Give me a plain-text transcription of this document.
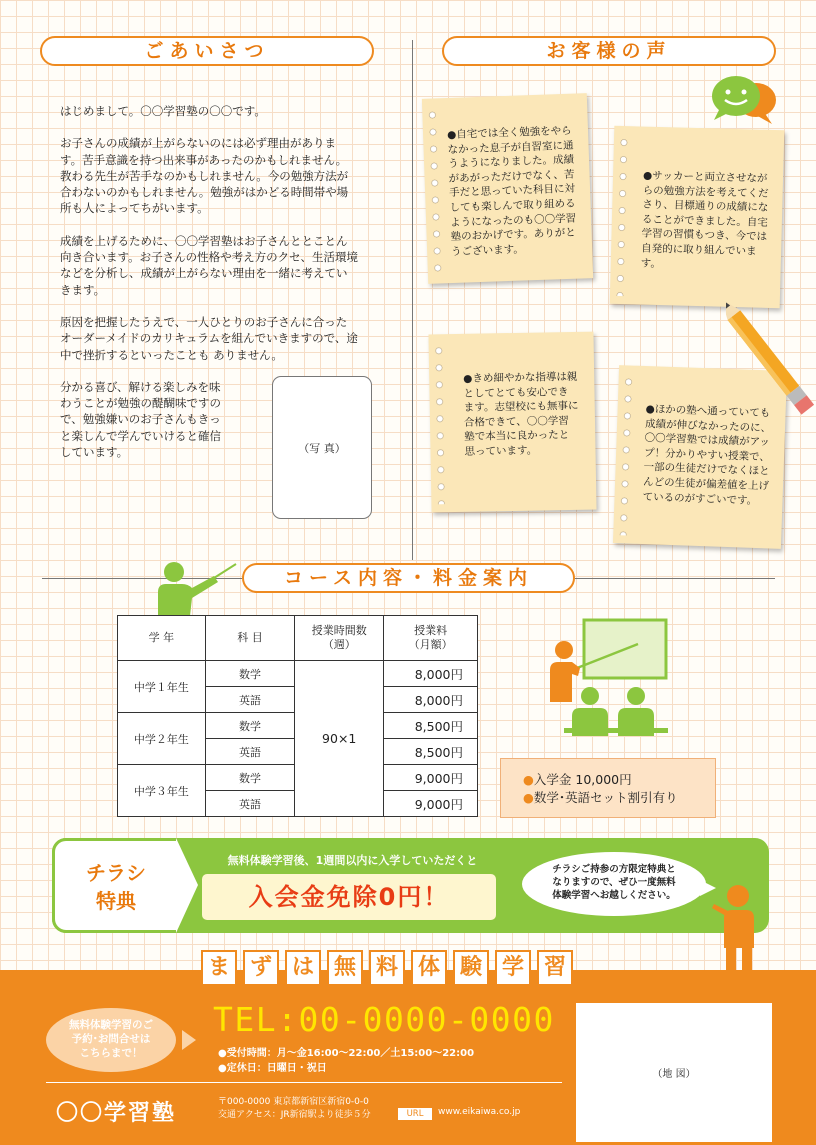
ごあいさつ

はじめまして。〇〇学習塾の〇〇です。

お子さんの成績が上がらないのには必ず理由があります。苦手意識を持つ出来事があったのかもしれません。教わる先生が苦手なのかもしれません。今の勉強方法が合わないのかもしれません。勉強がはかどる時間帯や場所も人によってちがいます。

成績を上げるために、〇〇学習塾はお子さんととことん向き合います。お子さんの性格や考え方のクセ、生活環境などを分析し、成績が上がらない理由を一緒に考えていきます。

原因を把握したうえで、一人ひとりのお子さんに合ったオーダーメイドのカリキュラムを組んでいきますので、途中で挫折するといったことも ありません。

分かる喜び、解ける楽しみを味わうことが勉強の醍醐味ですので、勉強嫌いのお子さんもきっと楽しんで学んでいけると確信しています。	（写 真）
お客様の声
●自宅では全く勉強をやらなかった息子が自習室に通うようになりました。成績があがっただけでなく、苦手だと思っていた科目に対しても楽しんで取り組めるようになったのも〇〇学習塾のおかげです。ありがとうございます。
●サッカーと両立させながらの勉強方法を考えてくださり、目標通りの成績になることができました。自宅学習の習慣もつき、今では自発的に取り組んでいます。
●きめ細やかな指導は親としてとても安心できます。志望校にも無事に合格できて、〇〇学習塾で本当に良かったと思っています。
●ほかの塾へ通っていても成績が伸びなかったのに、〇〇学習塾では成績がアップ！分かりやすい授業で、一部の生徒だけでなくほとんどの生徒が偏差値を上げているのがすごいです。
コース内容・料金案内
学 年	科 目	授業時間数（週）	授業料（月額）
中学１年生	数学	90×1	8,000円
	英語		8,000円
中学２年生	数学		8,500円
	英語		8,500円
中学３年生	数学		9,000円
	英語		9,000円
●入学金 10,000円
●数学･英語セット割引有り
チラシ
特典
無料体験学習後、1週間以内に入学していただくと
入会金免除0円！
チラシご持参の方限定特典となりますので、ぜひ一度無料体験学習へお越しください。
ま ず は 無 料 体 験 学 習
無料体験学習のご予約･お問合せはこちらまで！
TEL:00-0000-0000
●受付時間：月～金16:00～22:00／土15:00～22:00
●定休日：日曜日・祝日
〇〇学習塾	〒000-0000 東京都新宿区新宿0-0-0
交通アクセス：JR新宿駅より徒歩５分	URL	www.eikaiwa.co.jp
（地 図）
